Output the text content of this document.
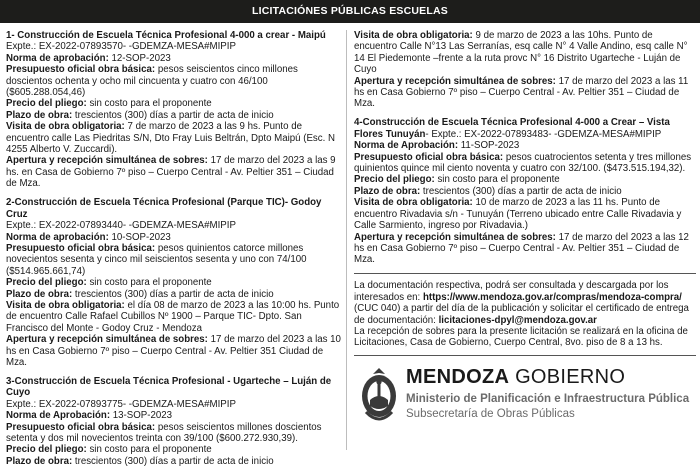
LICITACIÓNES PÚBLICAS ESCUELAS

1- Construcción de Escuela Técnica Profesional 4-000 a crear - Maipú

Expte.: EX-2022-07893570- -GDEMZA-MESA#MIPIP

Norma de aprobación: 12-SOP-2023

Presupuesto oficial obra básica: pesos seiscientos cinco millones doscientos ochenta y ocho mil cincuenta y cuatro con 46/100 ($605.288.054,46)

Precio del pliego: sin costo para el proponente

Plazo de obra: trescientos (300) días a partir de acta de inicio

Visita de obra obligatoria: 7 de marzo de 2023 a las 9 hs. Punto de encuentro calle Las Piedritas S/N, Dto Fray Luis Beltrán, Dpto Maipú (Esc. N 4255 Alberto V. Zuccardi).

Apertura y recepción simultánea de sobres: 17 de marzo del 2023 a las 9 hs. en Casa de Gobierno 7º piso – Cuerpo Central - Av. Peltier 351 – Ciudad de Mza.

2-Construcción de Escuela Técnica Profesional (Parque TIC)- Godoy Cruz

Expte.: EX-2022-07893440- -GDEMZA-MESA#MIPIP

Norma de aprobación: 10-SOP-2023

Presupuesto oficial obra básica: pesos quinientos catorce millones novecientos sesenta y cinco mil seiscientos sesenta y uno con 74/100 ($514.965.661,74)

Precio del pliego: sin costo para el proponente

Plazo de obra: trescientos (300) días a partir de acta de inicio

Visita de obra obligatoria: el día 08 de marzo de 2023 a las 10:00 hs. Punto de encuentro Calle Rafael Cubillos Nº 1900 – Parque TIC- Dpto. San Francisco del Monte - Godoy Cruz - Mendoza

Apertura y recepción simultánea de sobres: 17 de marzo del 2023 a las 10 hs en Casa Gobierno 7º piso – Cuerpo Central - Av. Peltier 351 Ciudad de Mza.

3-Construcción de Escuela Técnica Profesional - Ugarteche – Luján de Cuyo

Expte.: EX-2022-07893775- -GDEMZA-MESA#MIPIP

Norma de Aprobación: 13-SOP-2023

Presupuesto oficial obra básica: pesos seiscientos millones doscientos setenta y dos mil novecientos treinta con 39/100 ($600.272.930,39).

Precio del pliego: sin costo para el proponente

Plazo de obra: trescientos (300) días a partir de acta de inicio

Visita de obra obligatoria: 9 de marzo de 2023 a las 10hs. Punto de encuentro Calle N°13 Las Serranías, esq calle N° 4 Valle Andino, esq calle N° 14 El Piedemonte –frente a la ruta provc N° 16 Distrito Ugarteche - Luján de Cuyo

Apertura y recepción simultánea de sobres: 17 de marzo del 2023 a las 11 hs en Casa Gobierno 7º piso – Cuerpo Central - Av. Peltier 351 – Ciudad de Mza.

4-Construcción de Escuela Técnica Profesional 4-000 a Crear – Vista Flores Tunuyán- Expte.: EX-2022-07893483- -GDEMZA-MESA#MIPIP

Norma de Aprobación: 11-SOP-2023

Presupuesto oficial obra básica: pesos cuatrocientos setenta y tres millones quinientos quince mil ciento noventa y cuatro con 32/100. ($473.515.194,32).

Precio del pliego: sin costo para el proponente

Plazo de obra: trescientos (300) días a partir de acta de inicio

Visita de obra obligatoria: 10 de marzo de 2023 a las 11 hs. Punto de encuentro Rivadavia s/n - Tunuyán (Terreno ubicado entre Calle Rivadavia y Calle Sarmiento, ingreso por Rivadavia.)

Apertura y recepción simultánea de sobres: 17 de marzo del 2023 a las 12 hs en Casa Gobierno 7º piso – Cuerpo Central - Av. Peltier 351 – Ciudad de Mza.

La documentación respectiva, podrá ser consultada y descargada por los interesados en: https://www.mendoza.gov.ar/compras/mendoza-compra/ (CUC 040) a partir del día de la publicación y solicitar el certificado de entrega de documentación: licitaciones-dpyl@mendoza.gov.ar

La recepción de sobres para la presente licitación se realizará en la oficina de Licitaciones, Casa de Gobierno, Cuerpo Central, 8vo. piso de 8 a 13 hs.

MENDOZA GOBIERNO
Ministerio de Planificación e Infraestructura Pública
Subsecretaría de Obras Públicas
